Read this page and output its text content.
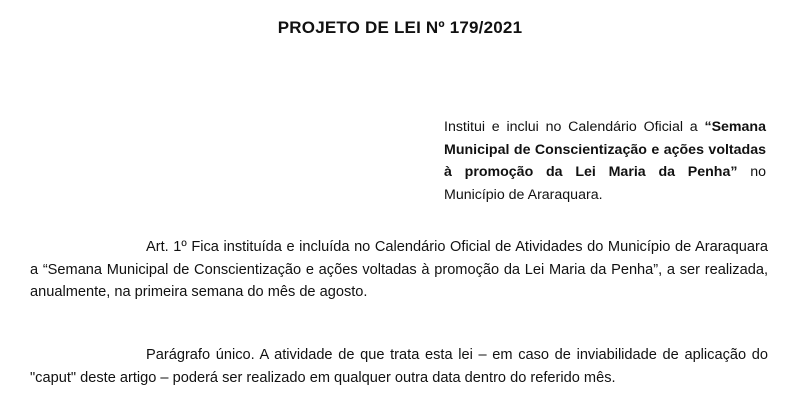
PROJETO DE LEI Nº 179/2021
Institui e inclui no Calendário Oficial a “Semana Municipal de Conscientização e ações voltadas à promoção da Lei Maria da Penha” no Município de Araraquara.
Art. 1º Fica instituída e incluída no Calendário Oficial de Atividades do Município de Araraquara a “Semana Municipal de Conscientização e ações voltadas à promoção da Lei Maria da Penha”, a ser realizada, anualmente, na primeira semana do mês de agosto.
Parágrafo único. A atividade de que trata esta lei – em caso de inviabilidade de aplicação do "caput" deste artigo – poderá ser realizado em qualquer outra data dentro do referido mês.
